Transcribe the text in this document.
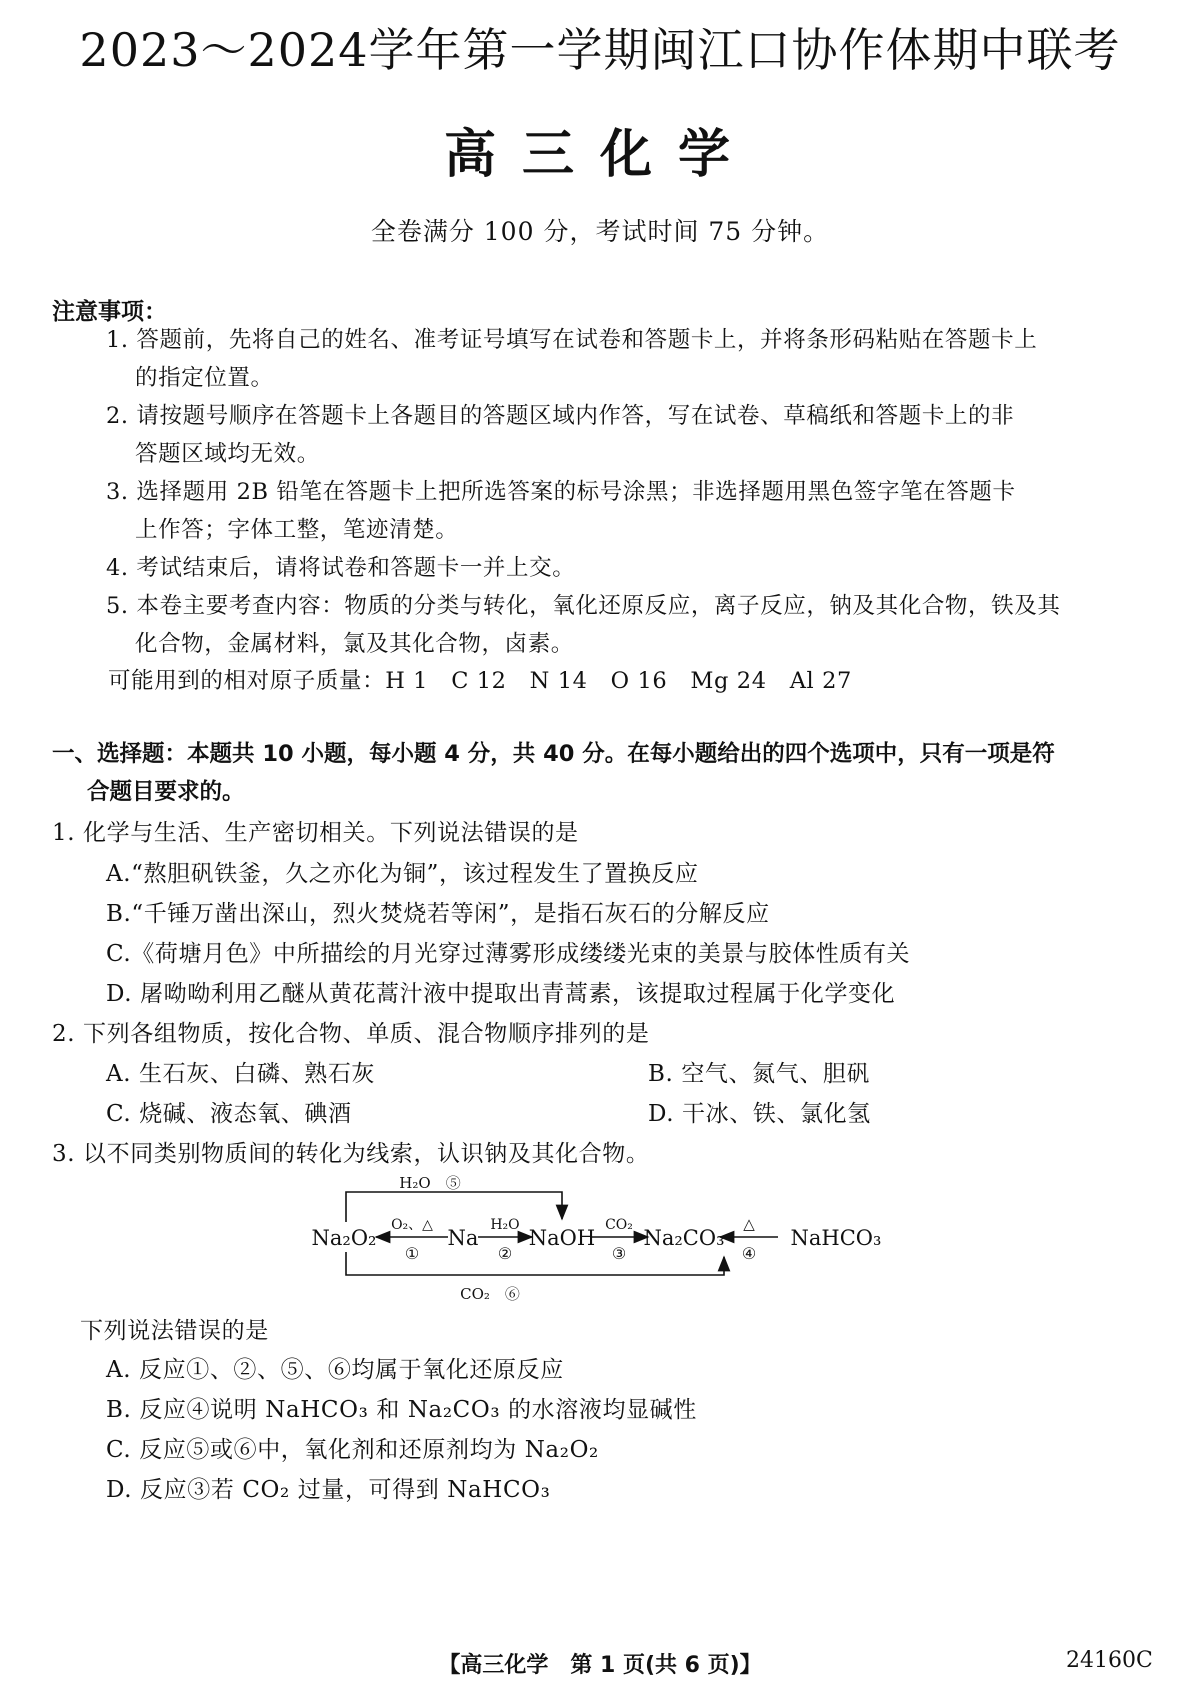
2023～2024学年第一学期闽江口协作体期中联考
高三化学
全卷满分 100 分，考试时间 75 分钟。
注意事项：
1. 答题前，先将自己的姓名、准考证号填写在试卷和答题卡上，并将条形码粘贴在答题卡上
的指定位置。
2. 请按题号顺序在答题卡上各题目的答题区域内作答，写在试卷、草稿纸和答题卡上的非
答题区域均无效。
3. 选择题用 2B 铅笔在答题卡上把所选答案的标号涂黑；非选择题用黑色签字笔在答题卡
上作答；字体工整，笔迹清楚。
4. 考试结束后，请将试卷和答题卡一并上交。
5. 本卷主要考查内容：物质的分类与转化，氧化还原反应，离子反应，钠及其化合物，铁及其
化合物，金属材料，氯及其化合物，卤素。
可能用到的相对原子质量：H 1　C 12　N 14　O 16　Mg 24　Al 27
一、选择题：本题共 10 小题，每小题 4 分，共 40 分。在每小题给出的四个选项中，只有一项是符
合题目要求的。
1. 化学与生活、生产密切相关。下列说法错误的是
A.“熬胆矾铁釜，久之亦化为铜”，该过程发生了置换反应
B.“千锤万凿出深山，烈火焚烧若等闲”，是指石灰石的分解反应
C.《荷塘月色》中所描绘的月光穿过薄雾形成缕缕光束的美景与胶体性质有关
D. 屠呦呦利用乙醚从黄花蒿汁液中提取出青蒿素，该提取过程属于化学变化
2. 下列各组物质，按化合物、单质、混合物顺序排列的是
A. 生石灰、白磷、熟石灰	B. 空气、氮气、胆矾
C. 烧碱、液态氧、碘酒	D. 干冰、铁、氯化氢
3. 以不同类别物质间的转化为线索，认识钠及其化合物。
Na₂O₂	Na NaOH Na₂CO₃	NaHCO₃
O₂、△
①
H₂O
②
CO₂
③
△
④
H₂O　⑤
CO₂　⑥
下列说法错误的是
A. 反应①、②、⑤、⑥均属于氧化还原反应
B. 反应④说明 NaHCO₃ 和 Na₂CO₃ 的水溶液均显碱性
C. 反应⑤或⑥中，氧化剂和还原剂均为 Na₂O₂
D. 反应③若 CO₂ 过量，可得到 NaHCO₃
【高三化学　第 1 页(共 6 页)】	24160C
